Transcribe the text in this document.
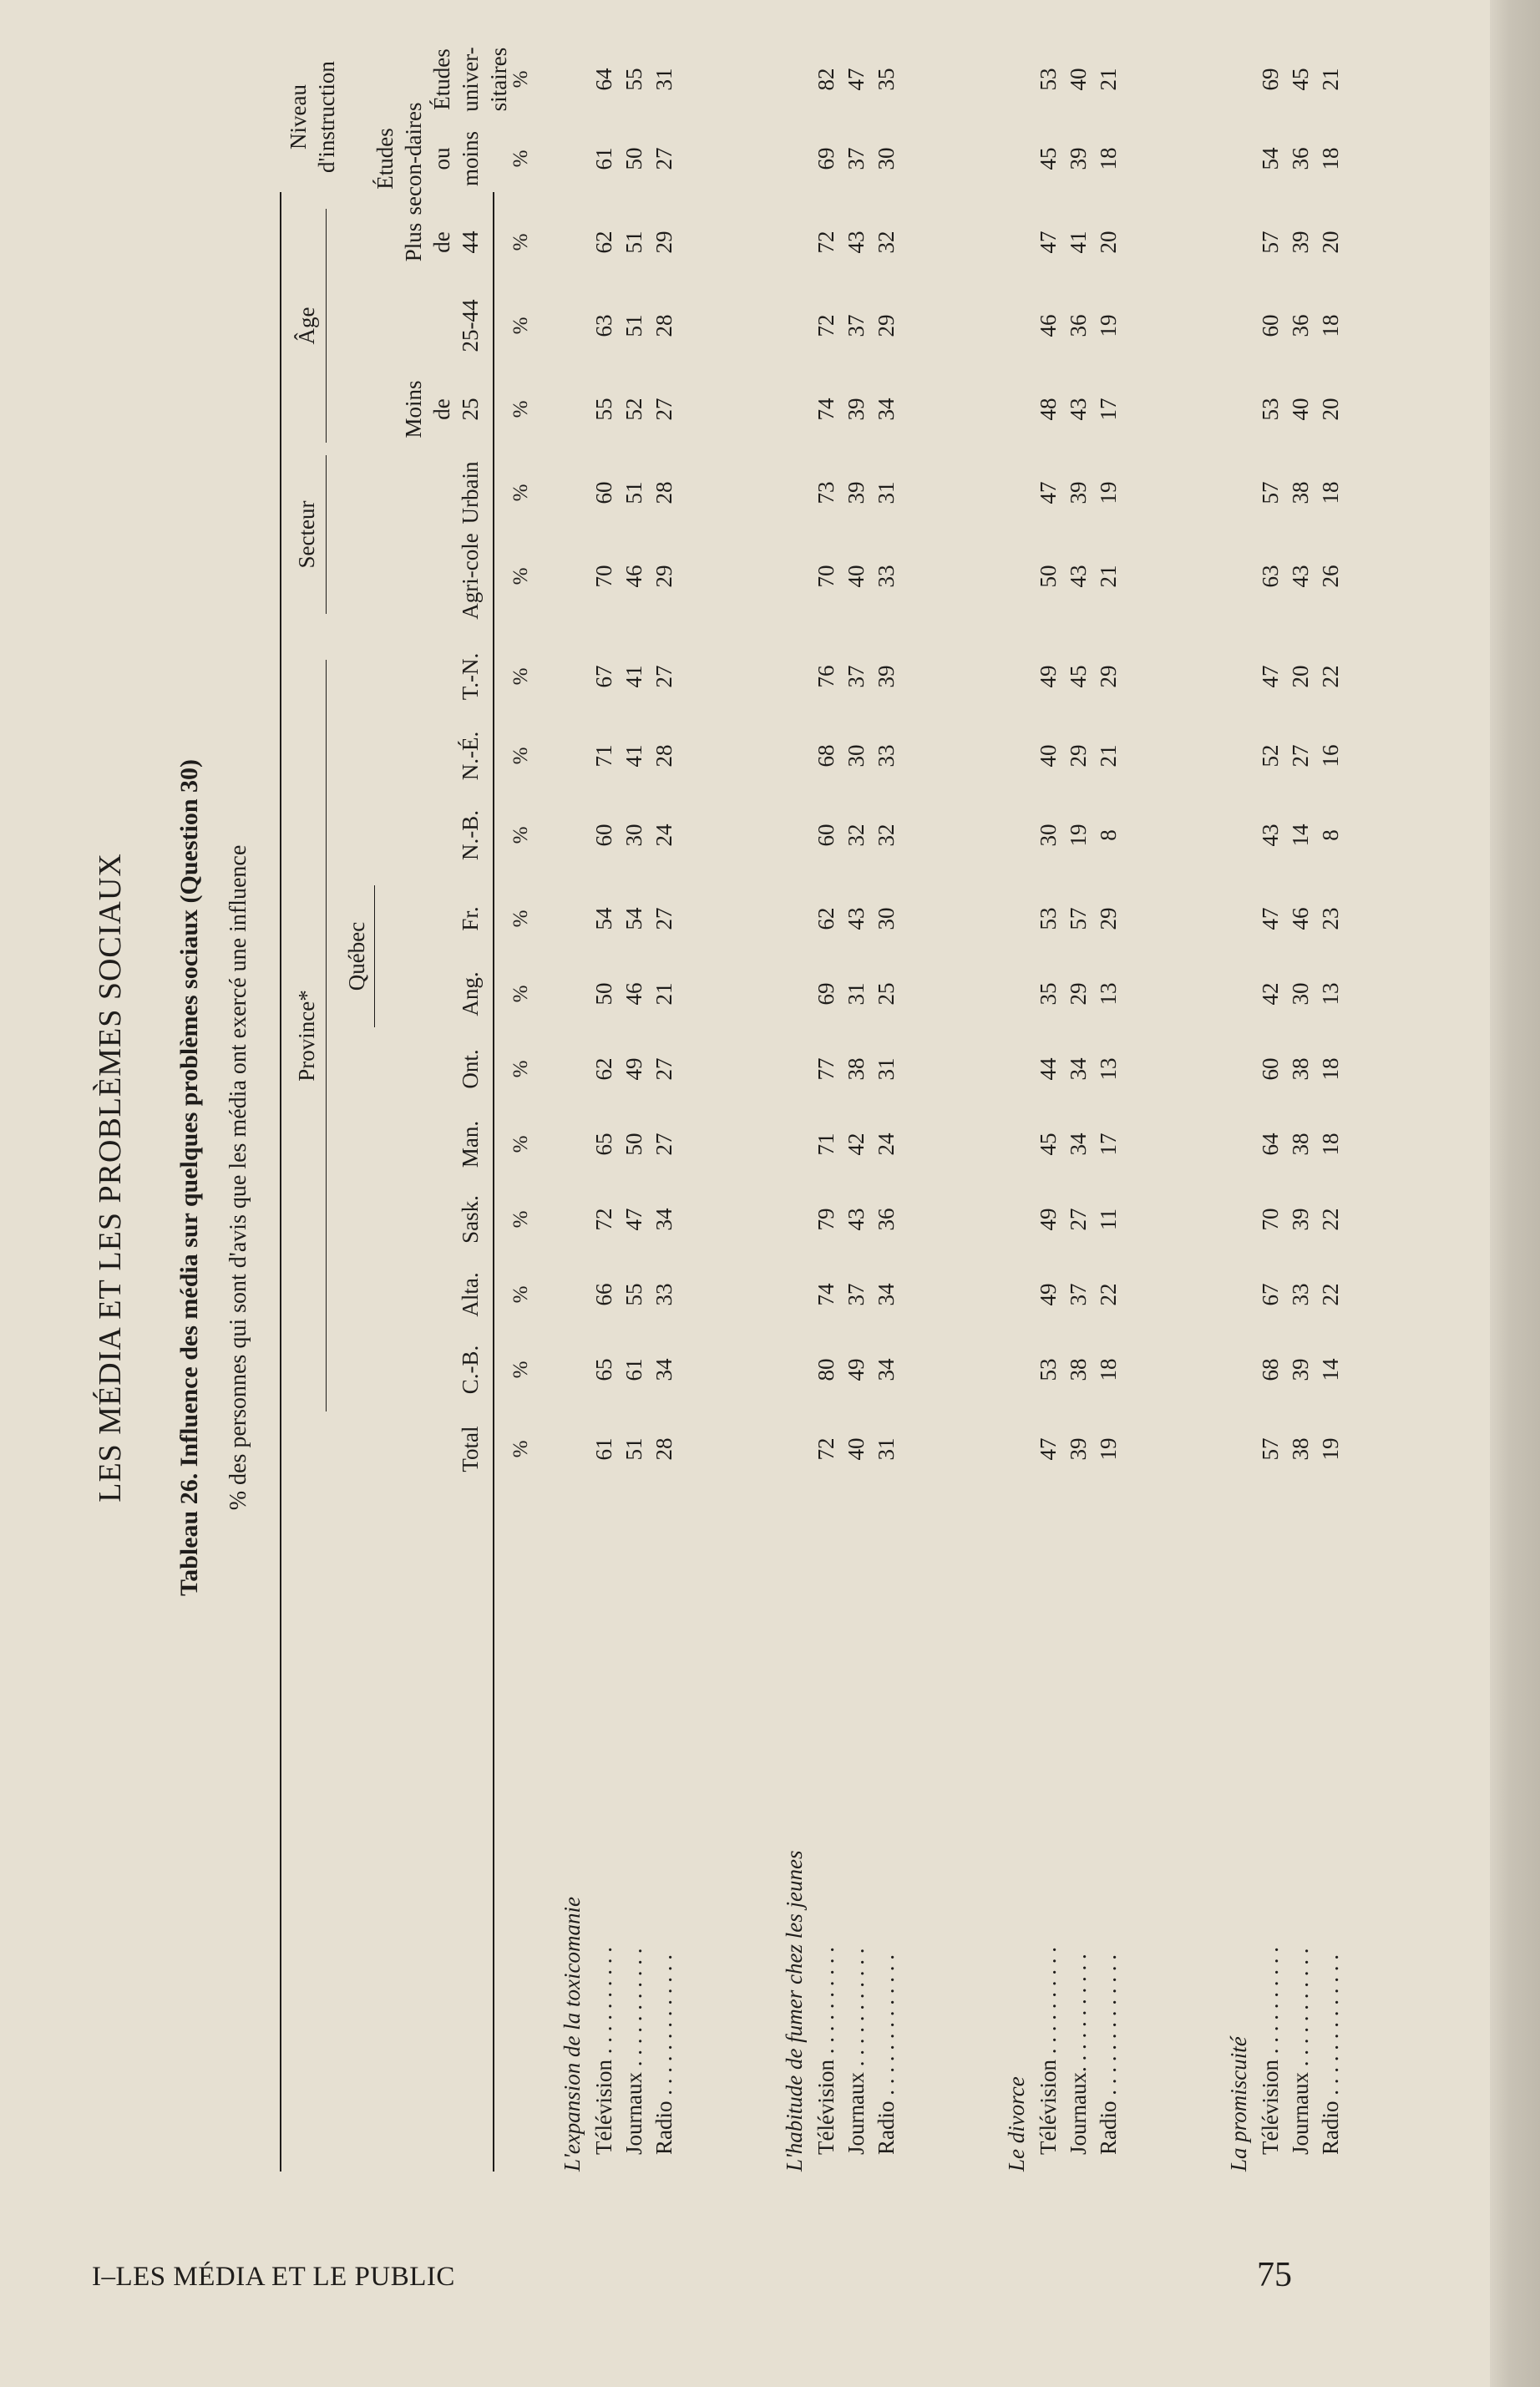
LES MÉDIA ET LES PROBLÈMES SOCIAUX Tableau 26. Influence des média sur quelques problèmes sociaux (Question 30) % des personnes qui sont d'avis que les média ont exercé une influence	Total
C.-B.
Alta.
Sask.
Man.
Ont.
Ang.
Fr.
N.-B.
N.-É.
T.-N.
Agri-cole
Urbain
Moins de 25
25-44
Plus de 44
Études secon-daires ou moins
Études univer-sitaires
Province*
Québec
Secteur
Âge
Niveau d'instruction
%
%
%
%
%
%
%
%
%
%
%
%
%
%
%
%
%
%
L'expansion de la toxicomanie Télévision . . . . . . . . . .
61
65
66
72
65
62
50
54
60
71
67
70
60
55
63
62
61
64
Journaux . . . . . . . . . . .
51
61
55
47
50
49
46
54
30
41
41
46
51
52
51
51
50
55
Radio . . . . . . . . . . . . .
28
34
33
34
27
27
21
27
24
28
27
29
28
27
28
29
27
31
L'habitude de fumer chez les jeunes Télévision . . . . . . . . . .
72
80
74
79
71
77
69
62
60
68
76
70
73
74
72
72
69
82
Journaux . . . . . . . . . . .
40
49
37
43
42
38
31
43
32
30
37
40
39
39
37
43
37
47
Radio . . . . . . . . . . . . .
31
34
34
36
24
31
25
30
32
33
39
33
31
34
29
32
30
35
Le divorce Télévision . . . . . . . . . .
47
53
49
49
45
44
35
53
30
40
49
50
47
48
46
47
45
53
Journaux. . . . . . . . . . .
39
38
37
27
34
34
29
57
19
29
45
43
39
43
36
41
39
40
Radio . . . . . . . . . . . . .
19
18
22
11
17
13
13
29
8
21
29
21
19
17
19
20
18
21
La promiscuité Télévision . . . . . . . . . .
57
68
67
70
64
60
42
47
43
52
47
63
57
53
60
57
54
69
Journaux . . . . . . . . . . .
38
39
33
39
38
38
30
46
14
27
20
43
38
40
36
39
36
45
Radio . . . . . . . . . . . . .
19
14
22
22
18
18
13
23
8
16
22
26
18
20
18
20
18
21
I–LES MÉDIA ET LE PUBLIC	75
